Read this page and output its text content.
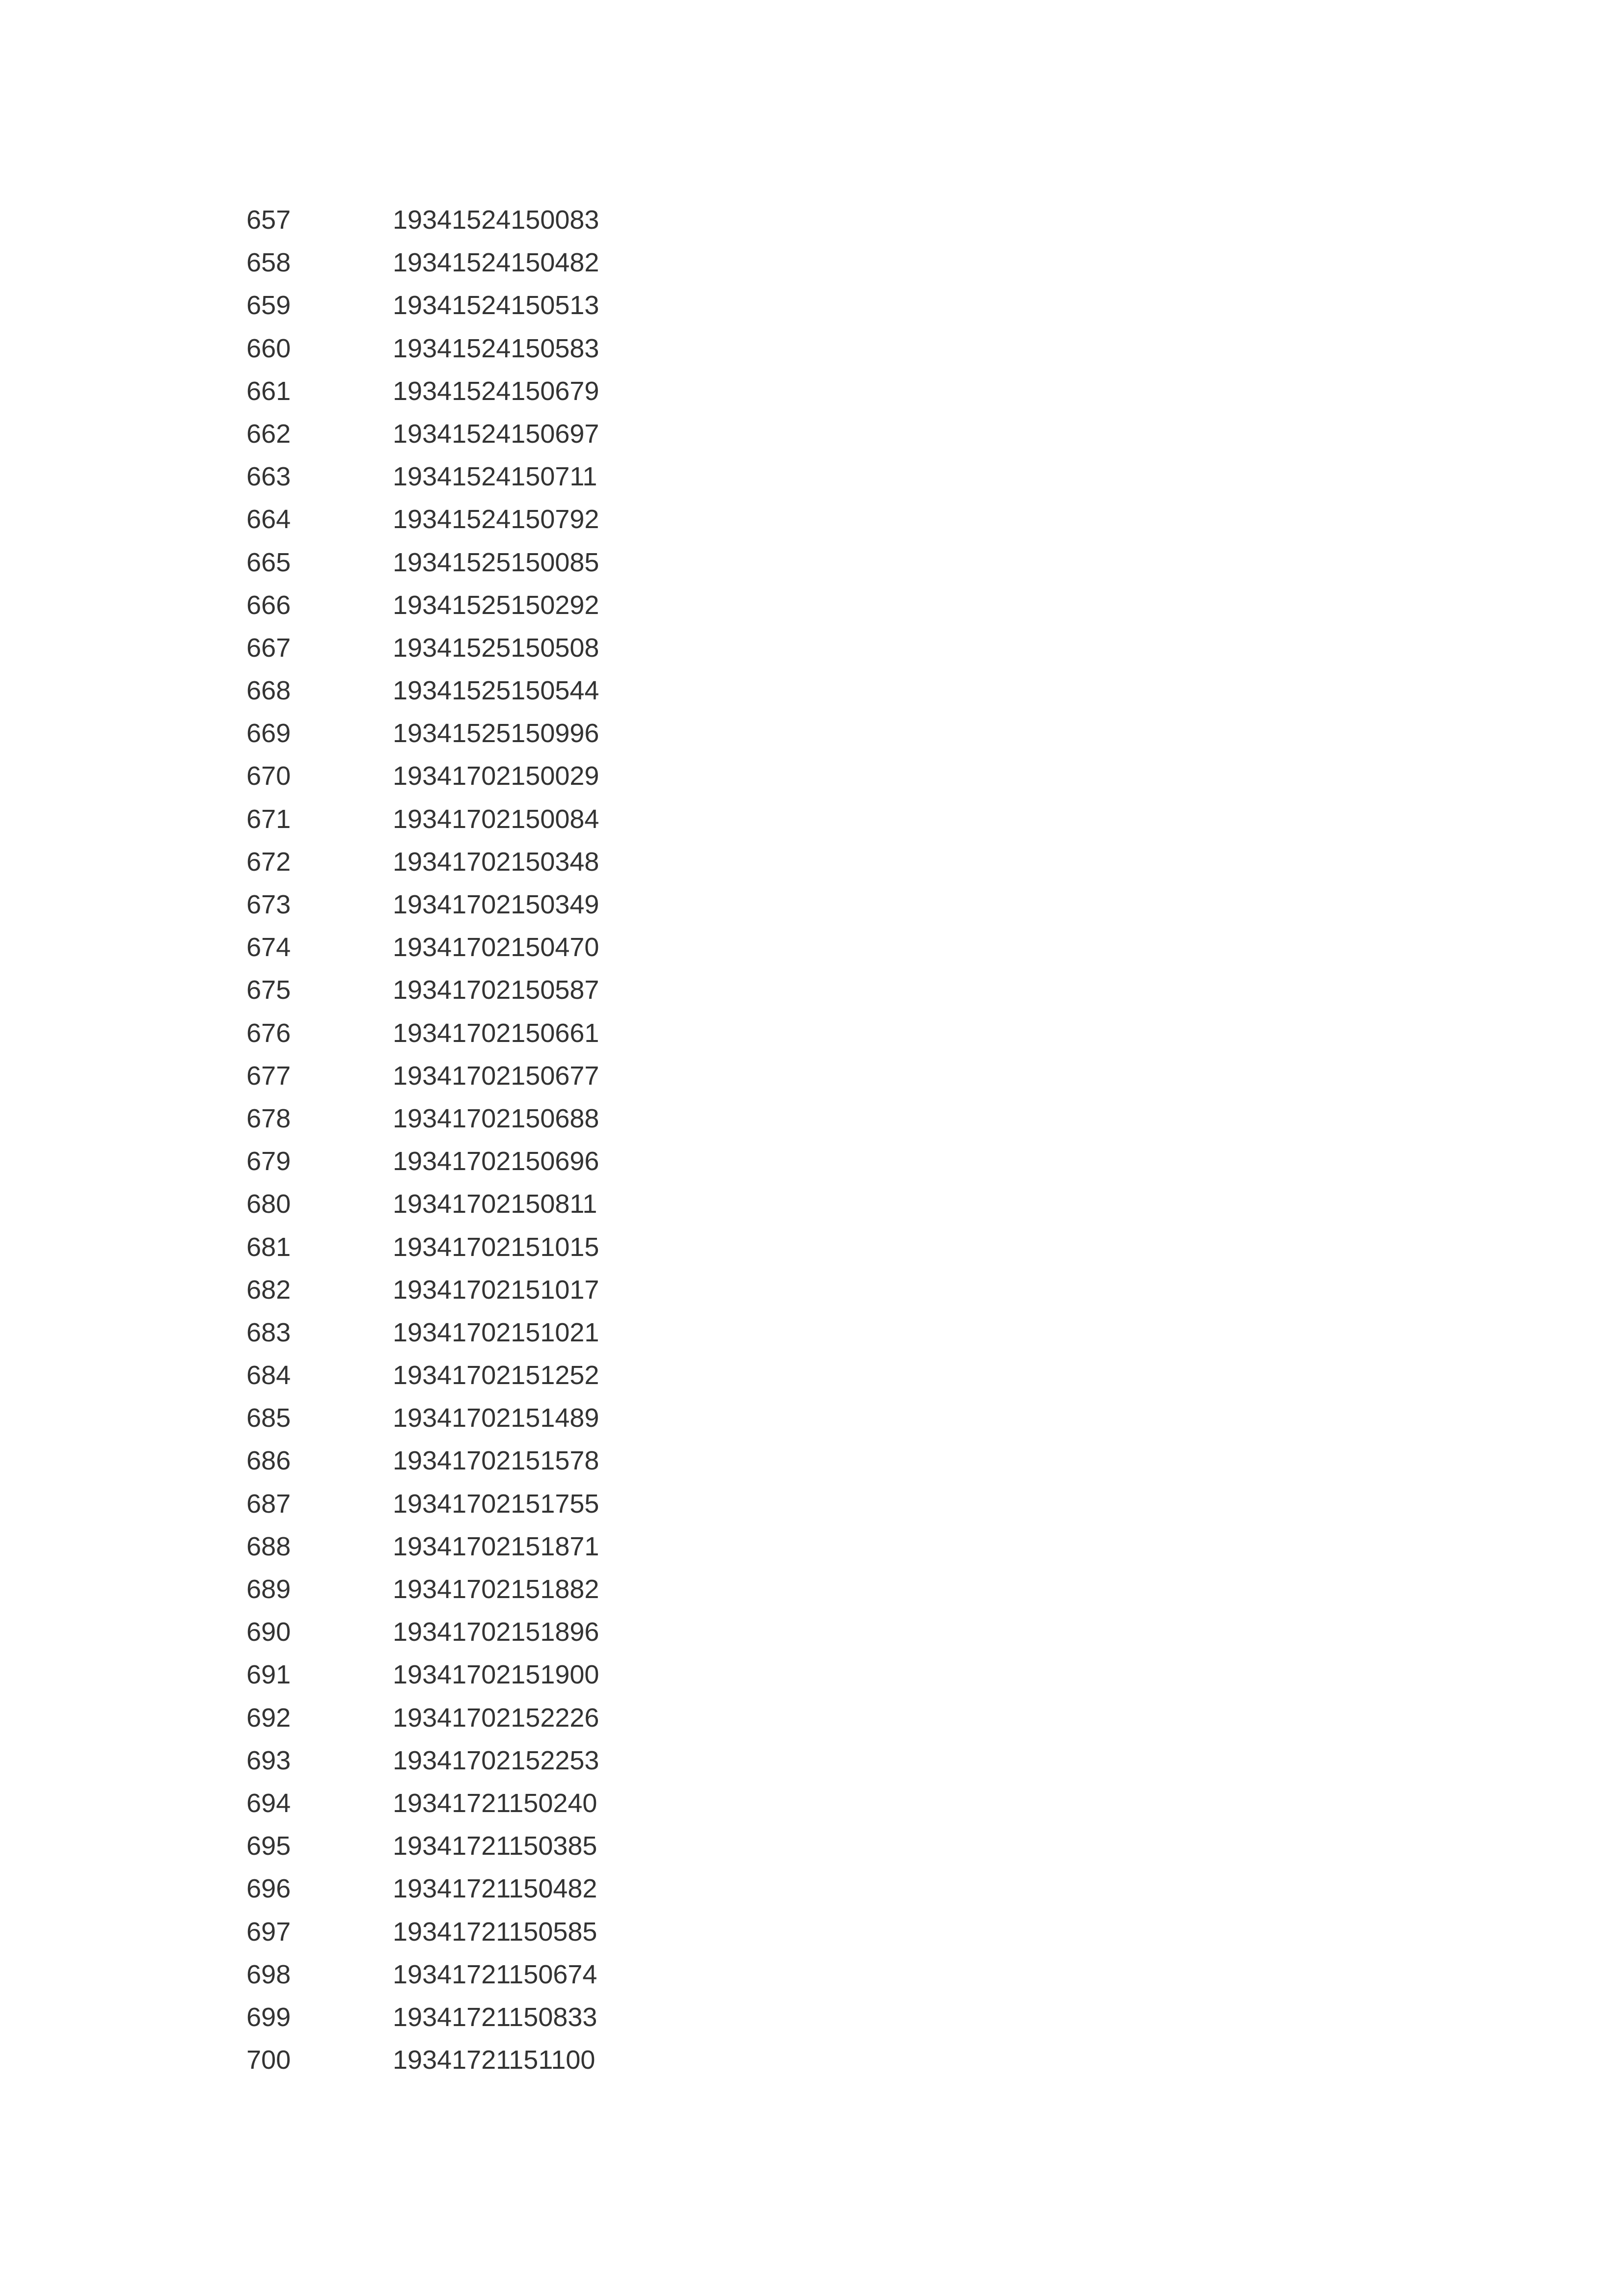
657	19341524150083
658	19341524150482
659	19341524150513
660	19341524150583
661	19341524150679
662	19341524150697
663	19341524150711
664	19341524150792
665	19341525150085
666	19341525150292
667	19341525150508
668	19341525150544
669	19341525150996
670	19341702150029
671	19341702150084
672	19341702150348
673	19341702150349
674	19341702150470
675	19341702150587
676	19341702150661
677	19341702150677
678	19341702150688
679	19341702150696
680	19341702150811
681	19341702151015
682	19341702151017
683	19341702151021
684	19341702151252
685	19341702151489
686	19341702151578
687	19341702151755
688	19341702151871
689	19341702151882
690	19341702151896
691	19341702151900
692	19341702152226
693	19341702152253
694	19341721150240
695	19341721150385
696	19341721150482
697	19341721150585
698	19341721150674
699	19341721150833
700	19341721151100
